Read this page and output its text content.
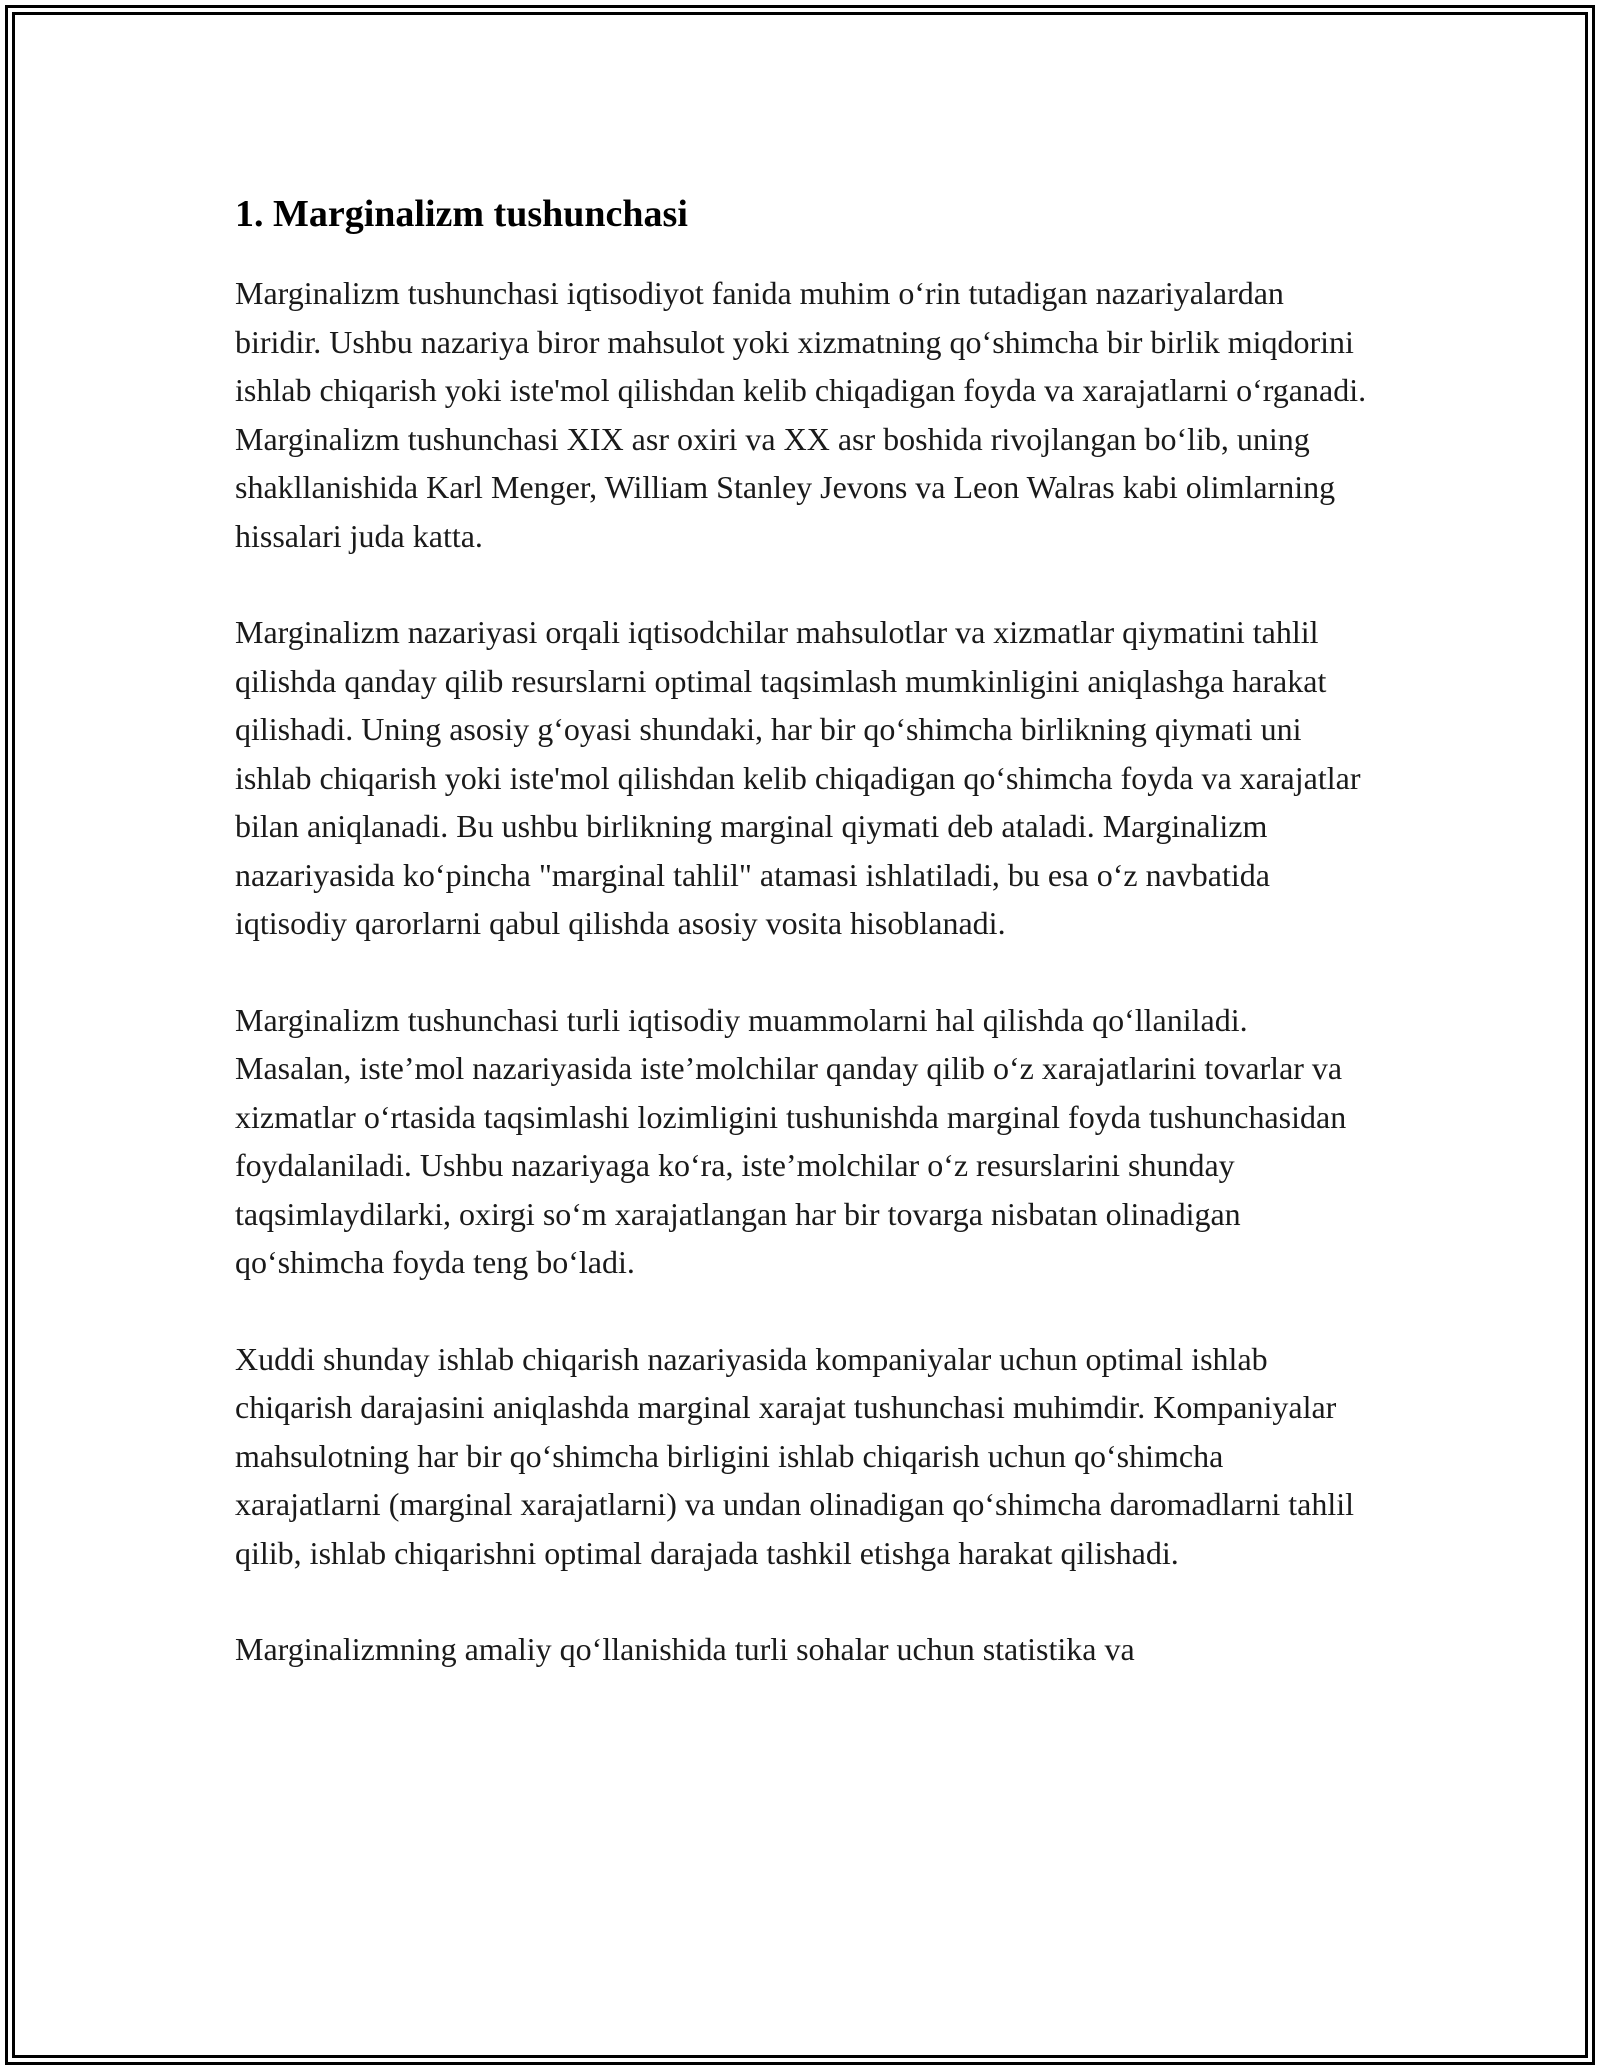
1. Marginalizm tushunchasi

Marginalizm tushunchasi iqtisodiyot fanida muhim o‘rin tutadigan nazariyalardan biridir. Ushbu nazariya biror mahsulot yoki xizmatning qo‘shimcha bir birlik miqdorini ishlab chiqarish yoki iste'mol qilishdan kelib chiqadigan foyda va xarajatlarni o‘rganadi. Marginalizm tushunchasi XIX asr oxiri va XX asr boshida rivojlangan bo‘lib, uning shakllanishida Karl Menger, William Stanley Jevons va Leon Walras kabi olimlarning hissalari juda katta.

Marginalizm nazariyasi orqali iqtisodchilar mahsulotlar va xizmatlar qiymatini tahlil qilishda qanday qilib resurslarni optimal taqsimlash mumkinligini aniqlashga harakat qilishadi. Uning asosiy g‘oyasi shundaki, har bir qo‘shimcha birlikning qiymati uni ishlab chiqarish yoki iste'mol qilishdan kelib chiqadigan qo‘shimcha foyda va xarajatlar bilan aniqlanadi. Bu ushbu birlikning marginal qiymati deb ataladi. Marginalizm nazariyasida ko‘pincha "marginal tahlil" atamasi ishlatiladi, bu esa o‘z navbatida iqtisodiy qarorlarni qabul qilishda asosiy vosita hisoblanadi.

Marginalizm tushunchasi turli iqtisodiy muammolarni hal qilishda qo‘llaniladi. Masalan, iste’mol nazariyasida iste’molchilar qanday qilib o‘z xarajatlarini tovarlar va xizmatlar o‘rtasida taqsimlashi lozimligini tushunishda marginal foyda tushunchasidan foydalaniladi. Ushbu nazariyaga ko‘ra, iste’molchilar o‘z resurslarini shunday taqsimlaydilarki, oxirgi so‘m xarajatlangan har bir tovarga nisbatan olinadigan qo‘shimcha foyda teng bo‘ladi.

Xuddi shunday ishlab chiqarish nazariyasida kompaniyalar uchun optimal ishlab chiqarish darajasini aniqlashda marginal xarajat tushunchasi muhimdir. Kompaniyalar mahsulotning har bir qo‘shimcha birligini ishlab chiqarish uchun qo‘shimcha xarajatlarni (marginal xarajatlarni) va undan olinadigan qo‘shimcha daromadlarni tahlil qilib, ishlab chiqarishni optimal darajada tashkil etishga harakat qilishadi.

Marginalizmning amaliy qo‘llanishida turli sohalar uchun statistika va
